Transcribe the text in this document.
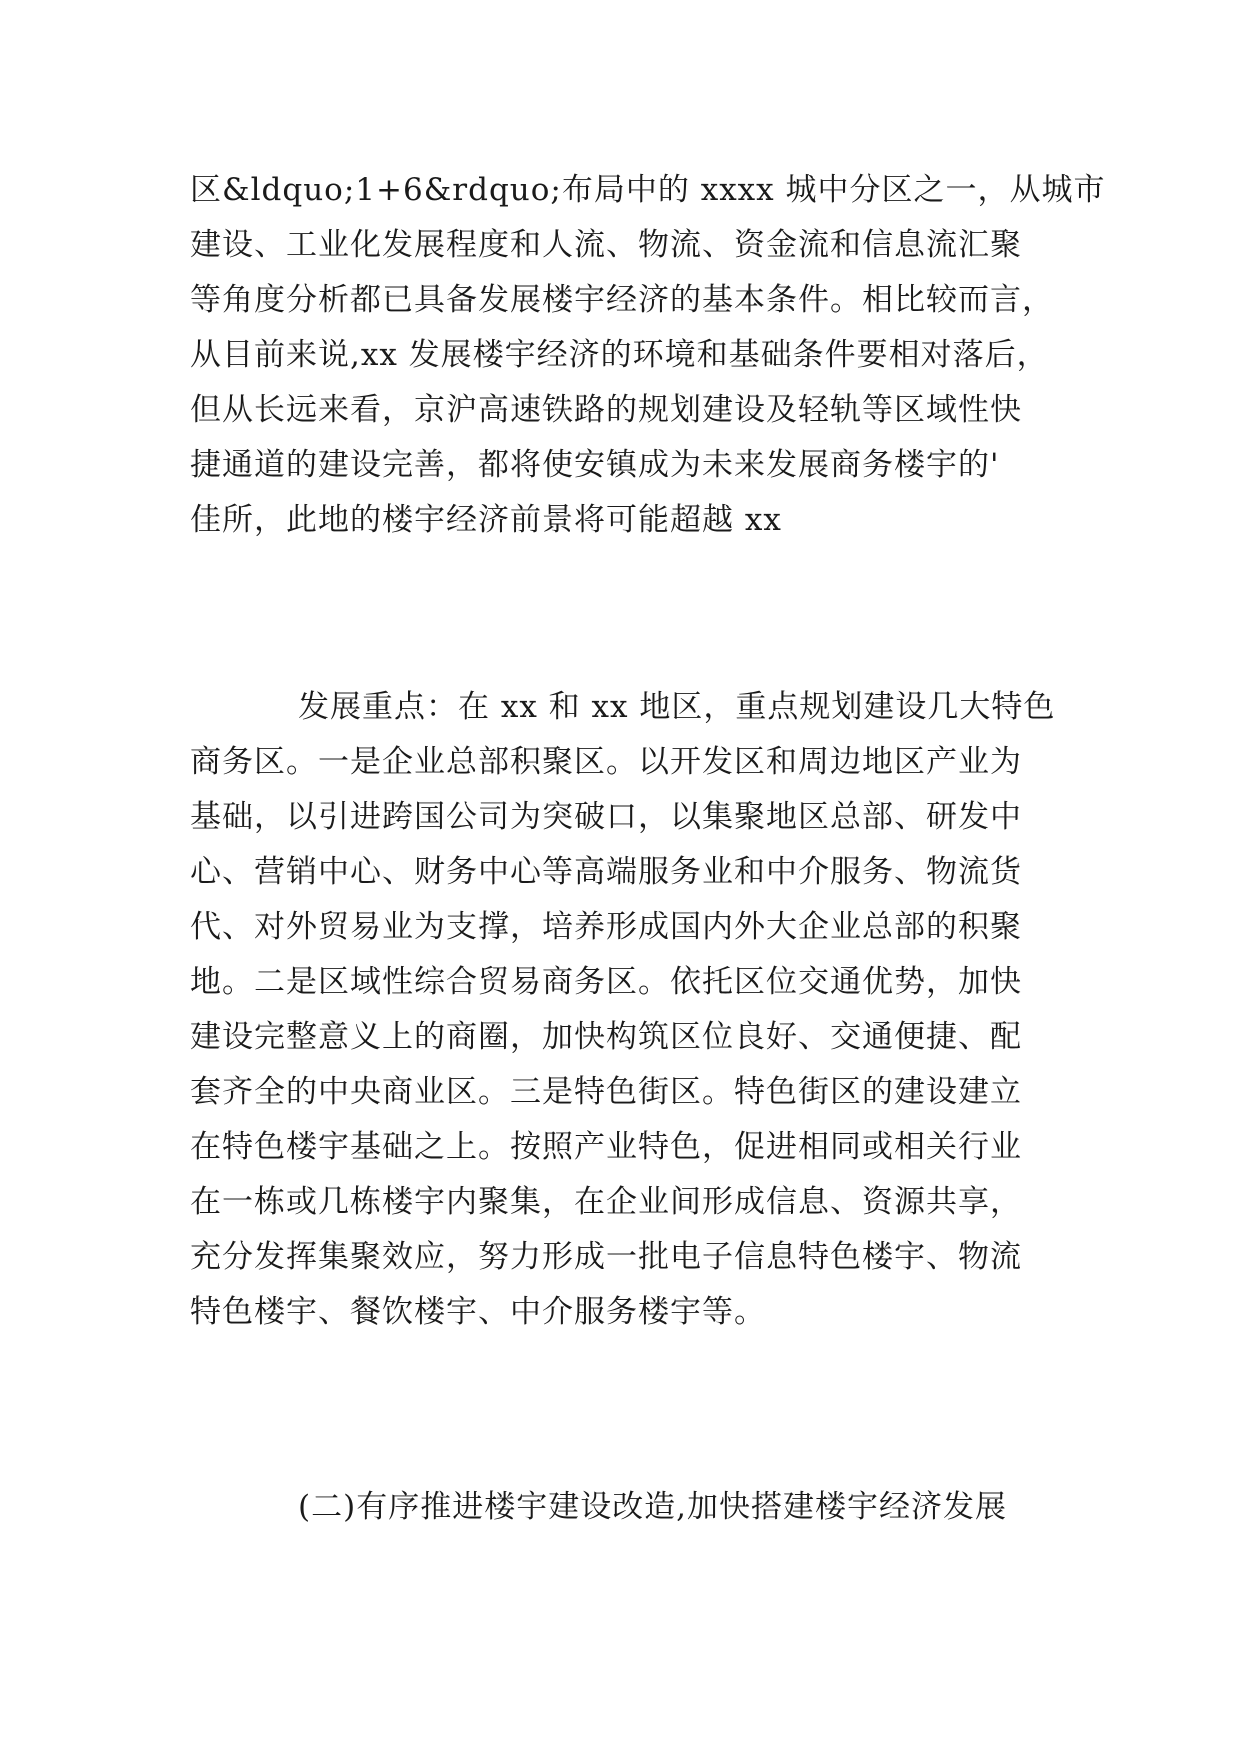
区&ldquo;1+6&rdquo;布局中的 xxxx 城中分区之一，从城市
建设、工业化发展程度和人流、物流、资金流和信息流汇聚
等角度分析都已具备发展楼宇经济的基本条件。相比较而言，
从目前来说,xx 发展楼宇经济的环境和基础条件要相对落后，
但从长远来看，京沪高速铁路的规划建设及轻轨等区域性快
捷通道的建设完善，都将使安镇成为未来发展商务楼宇的'
佳所，此地的楼宇经济前景将可能超越 xx
发展重点：在 xx 和 xx 地区，重点规划建设几大特色
商务区。一是企业总部积聚区。以开发区和周边地区产业为
基础，以引进跨国公司为突破口，以集聚地区总部、研发中
心、营销中心、财务中心等高端服务业和中介服务、物流货
代、对外贸易业为支撑，培养形成国内外大企业总部的积聚
地。二是区域性综合贸易商务区。依托区位交通优势，加快
建设完整意义上的商圈，加快构筑区位良好、交通便捷、配
套齐全的中央商业区。三是特色街区。特色街区的建设建立
在特色楼宇基础之上。按照产业特色，促进相同或相关行业
在一栋或几栋楼宇内聚集，在企业间形成信息、资源共享，
充分发挥集聚效应，努力形成一批电子信息特色楼宇、物流
特色楼宇、餐饮楼宇、中介服务楼宇等。
(二)有序推进楼宇建设改造,加快搭建楼宇经济发展
